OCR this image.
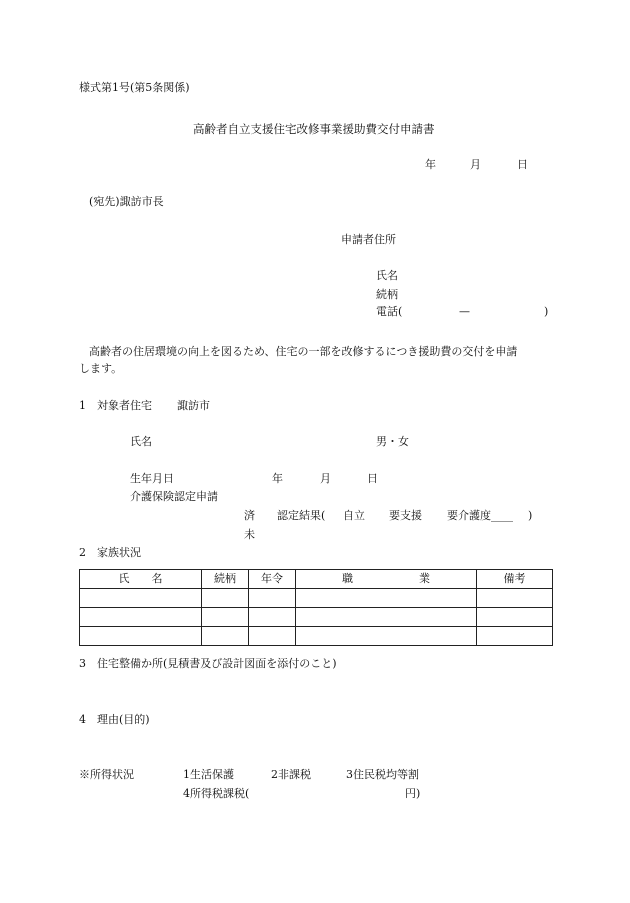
様式第1号(第5条関係)
高齢者自立支援住宅改修事業援助費交付申請書
年	月	日
(宛先)諏訪市長
申請者住所
氏名
続柄
電話(	—	)
高齢者の住居環境の向上を図るため、住宅の一部を改修するにつき援助費の交付を申請
します。
1　対象者住宅 諏訪市
氏名	男・女
生年月日	年	月	日
介護保険認定申請
済 認定結果( 自立 要支援 要介護度____ )
未
2　家族状況
氏　　名	続柄	年令	職　　　　　　業	備考

3　住宅整備か所(見積書及び設計図面を添付のこと)
4　理由(目的)
※所得状況	1生活保護	2非課税	3住民税均等割
4所得税課税(	円)
